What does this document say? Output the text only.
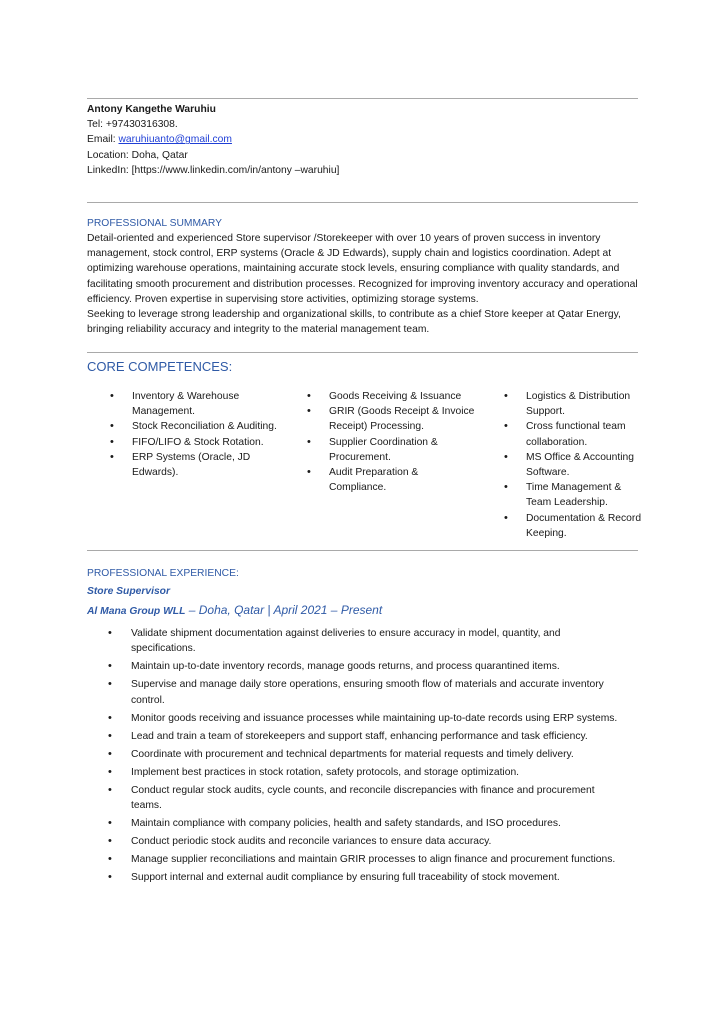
Antony Kangethe Waruhiu
Tel: +97430316308.
Email: waruhiuanto@gmail.com
Location: Doha, Qatar
LinkedIn: [https://www.linkedin.com/in/antony –waruhiu]
PROFESSIONAL SUMMARY

Detail-oriented and experienced Store supervisor /Storekeeper with over 10 years of proven success in inventory management, stock control, ERP systems (Oracle & JD Edwards), supply chain and logistics coordination. Adept at optimizing warehouse operations, maintaining accurate stock levels, ensuring compliance with quality standards, and facilitating smooth procurement and distribution processes. Recognized for improving inventory accuracy and operational efficiency. Proven expertise in supervising store activities, optimizing storage systems.

Seeking to leverage strong leadership and organizational skills, to contribute as a chief Store keeper at Qatar Energy, bringing reliability accuracy and integrity to the material management team.

CORE COMPETENCES:
• Inventory & Warehouse Management.
• Stock Reconciliation & Auditing.
• FIFO/LIFO & Stock Rotation.
• ERP Systems (Oracle, JD Edwards).
• Goods Receiving & Issuance
• GRIR (Goods Receipt & Invoice Receipt) Processing.
• Supplier Coordination & Procurement.
• Audit Preparation & Compliance.
• Logistics & Distribution Support.
• Cross functional team collaboration.
• MS Office & Accounting Software.
• Time Management & Team Leadership.
• Documentation & Record Keeping.
PROFESSIONAL EXPERIENCE:
Store Supervisor
Al Mana Group WLL – Doha, Qatar | April 2021 – Present
• Validate shipment documentation against deliveries to ensure accuracy in model, quantity, and specifications.
• Maintain up-to-date inventory records, manage goods returns, and process quarantined items.
• Supervise and manage daily store operations, ensuring smooth flow of materials and accurate inventory control.
• Monitor goods receiving and issuance processes while maintaining up-to-date records using ERP systems.
• Lead and train a team of storekeepers and support staff, enhancing performance and task efficiency.
• Coordinate with procurement and technical departments for material requests and timely delivery.
• Implement best practices in stock rotation, safety protocols, and storage optimization.
• Conduct regular stock audits, cycle counts, and reconcile discrepancies with finance and procurement teams.
• Maintain compliance with company policies, health and safety standards, and ISO procedures.
• Conduct periodic stock audits and reconcile variances to ensure data accuracy.
• Manage supplier reconciliations and maintain GRIR processes to align finance and procurement functions.
• Support internal and external audit compliance by ensuring full traceability of stock movement.
